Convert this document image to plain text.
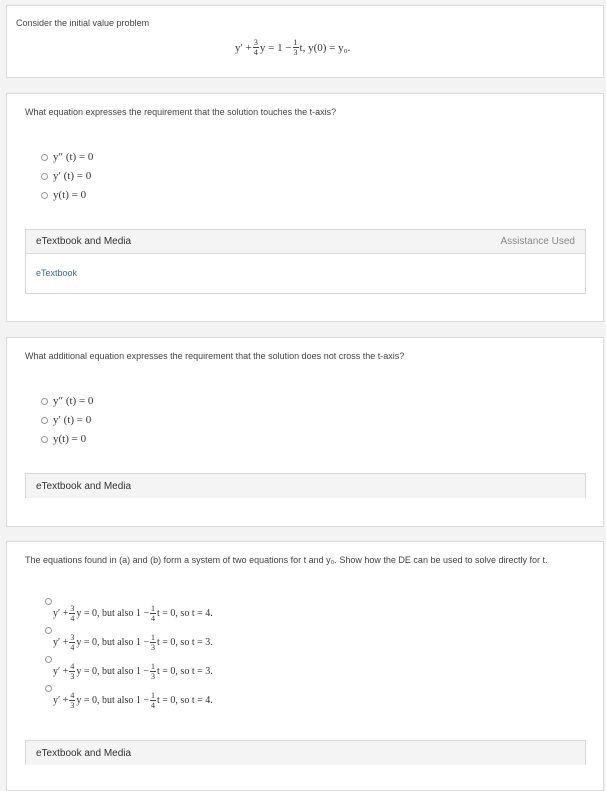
Consider the initial value problem
$y' + \frac{3}{4}$ $y = 1 - \frac{1}{3} t$, y(0) = y₀.
What equation expresses the requirement that the solution touches the t-axis?
y″ (t) = 0
y′ (t) = 0
y(t) = 0
eTextbook and Media	Assistance Used
eTextbook
What additional equation expresses the requirement that the solution does not cross the t-axis?
y″ (t) = 0
y′ (t) = 0
y(t) = 0
eTextbook and Media
The equations found in (a) and (b) form a system of two equations for t and y₀. Show how the DE can be used to solve directly for t.
$y' + \frac{3}{4}$ y = 0, but also $1 - \frac{1}{4}$ t
= 0, so t = 4.
$y' + \frac{3}{4}$ y = 0, but also $1 - \frac{1}{3}$ t
= 0, so t = 3.
$y' + \frac{4}{3}$ y = 0, but also $1 - \frac{1}{3}$ t
= 0, so t = 3.
$y' + \frac{4}{3}$ y = 0, but also $1 - \frac{1}{4}$ t
= 0, so t = 4.
eTextbook and Media
